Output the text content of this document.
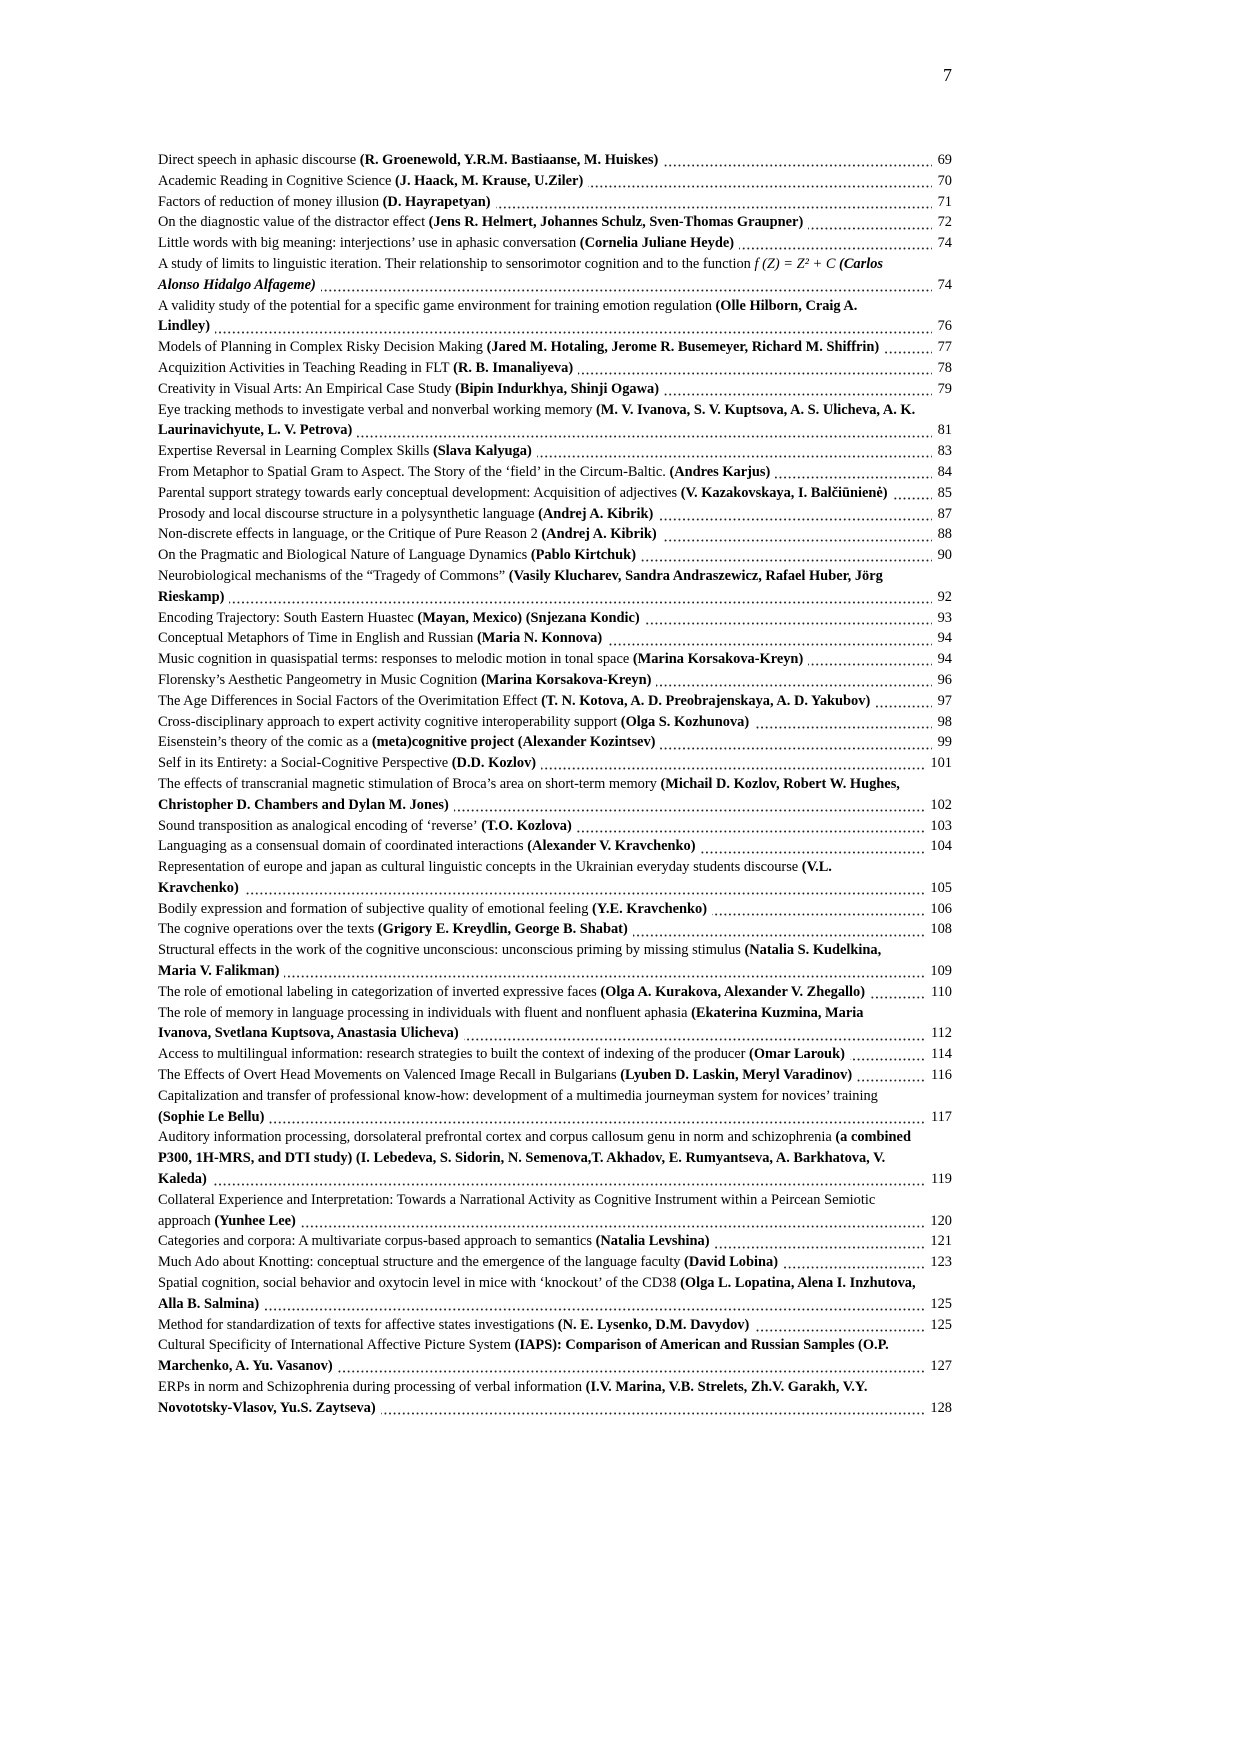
7
Direct speech in aphasic discourse (R. Groenewold, Y.R.M. Bastiaanse, M. Huiskes)	69
Academic Reading in Cognitive Science (J. Haack, M. Krause, U.Ziler)	70
Factors of reduction of money illusion (D. Hayrapetyan)	71
On the diagnostic value of the distractor effect (Jens R. Helmert, Johannes Schulz, Sven-Thomas Graupner)	72
Little words with big meaning: interjections’ use in aphasic conversation (Cornelia Juliane Heyde)	74
A study of limits to linguistic iteration. Their relationship to sensorimotor cognition and to the function f (Z) = Z² + C (Carlos Alonso Hidalgo Alfageme)	74
A validity study of the potential for a specific game environment for training emotion regulation (Olle Hilborn, Craig A. Lindley)	76
Models of Planning in Complex Risky Decision Making (Jared M. Hotaling, Jerome R. Busemeyer, Richard M. Shiffrin)	77
Acquizition Activities in Teaching Reading in FLT (R. B. Imanaliyeva)	78
Creativity in Visual Arts: An Empirical Case Study (Bipin Indurkhya, Shinji Ogawa)	79
Eye tracking methods to investigate verbal and nonverbal working memory (M. V. Ivanova, S. V. Kuptsova, A. S. Ulicheva, A. K. Laurinavichyute, L. V. Petrova)	81
Expertise Reversal in Learning Complex Skills (Slava Kalyuga)	83
From Metaphor to Spatial Gram to Aspect. The Story of the ‘field’ in the Circum-Baltic. (Andres Karjus)	84
Parental support strategy towards early conceptual development: Acquisition of adjectives (V. Kazakovskaya, I. Balčiūnienė)	85
Prosody and local discourse structure in a polysynthetic language (Andrej A. Kibrik)	87
Non-discrete effects in language, or the Critique of Pure Reason 2 (Andrej A. Kibrik)	88
On the Pragmatic and Biological Nature of Language Dynamics (Pablo Kirtchuk)	90
Neurobiological mechanisms of the “Tragedy of Commons” (Vasily Klucharev, Sandra Andraszewicz, Rafael Huber, Jörg Rieskamp)	92
Encoding Trajectory: South Eastern Huastec (Mayan, Mexico) (Snjezana Kondic)	93
Conceptual Metaphors of Time in English and Russian (Maria N. Konnova)	94
Music cognition in quasispatial terms: responses to melodic motion in tonal space (Marina Korsakova-Kreyn)	94
Florensky’s Aesthetic Pangeometry in Music Cognition (Marina Korsakova-Kreyn)	96
The Age Differences in Social Factors of the Overimitation Effect (T. N. Kotova, A. D. Preobrajenskaya, A. D. Yakubov)	97
Cross-disciplinary approach to expert activity cognitive interoperability support (Olga S. Kozhunova)	98
Eisenstein’s theory of the comic as a (meta)cognitive project (Alexander Kozintsev)	99
Self in its Entirety: a Social-Cognitive Perspective (D.D. Kozlov)	101
The effects of transcranial magnetic stimulation of Broca’s area on short-term memory (Michail D. Kozlov, Robert W. Hughes, Christopher D. Chambers and Dylan M. Jones)	102
Sound transposition as analogical encoding of ‘reverse’ (T.O. Kozlova)	103
Languaging as a consensual domain of coordinated interactions (Alexander V. Kravchenko)	104
Representation of europe and japan as cultural linguistic concepts in the Ukrainian everyday students discourse (V.L. Kravchenko)	105
Bodily expression and formation of subjective quality of emotional feeling (Y.E. Kravchenko)	106
The cognive operations over the texts (Grigory E. Kreydlin, George B. Shabat)	108
Structural effects in the work of the cognitive unconscious: unconscious priming by missing stimulus (Natalia S. Kudelkina, Maria V. Falikman)	109
The role of emotional labeling in categorization of inverted expressive faces (Olga A. Kurakova, Alexander V. Zhegallo)	110
The role of memory in language processing in individuals with fluent and nonfluent aphasia (Ekaterina Kuzmina, Maria Ivanova, Svetlana Kuptsova, Anastasia Ulicheva)	112
Access to multilingual information: research strategies to built the context of indexing of the producer (Omar Larouk)	114
The Effects of Overt Head Movements on Valenced Image Recall in Bulgarians (Lyuben D. Laskin, Meryl Varadinov)	116
Capitalization and transfer of professional know-how: development of a multimedia journeyman system for novices’ training (Sophie Le Bellu)	117
Auditory information processing, dorsolateral prefrontal cortex and corpus callosum genu in norm and schizophrenia (a combined P300, 1H-MRS, and DTI study) (I. Lebedeva, S. Sidorin, N. Semenova,T. Akhadov, E. Rumyantseva, A. Barkhatova, V. Kaleda)	119
Collateral Experience and Interpretation: Towards a Narrational Activity as Cognitive Instrument within a Peircean Semiotic approach (Yunhee Lee)	120
Categories and corpora: A multivariate corpus-based approach to semantics (Natalia Levshina)	121
Much Ado about Knotting: conceptual structure and the emergence of the language faculty (David Lobina)	123
Spatial cognition, social behavior and oxytocin level in mice with ‘knockout’ of the CD38 (Olga L. Lopatina, Alena I. Inzhutova, Alla B. Salmina)	125
Method for standardization of texts for affective states investigations (N. E. Lysenko, D.M. Davydov)	125
Cultural Specificity of International Affective Picture System (IAPS): Comparison of American and Russian Samples (O.P. Marchenko, A. Yu. Vasanov)	127
ERPs in norm and Schizophrenia during processing of verbal information (I.V. Marina, V.B. Strelets, Zh.V. Garakh, V.Y. Novototsky-Vlasov, Yu.S. Zaytseva)	128
